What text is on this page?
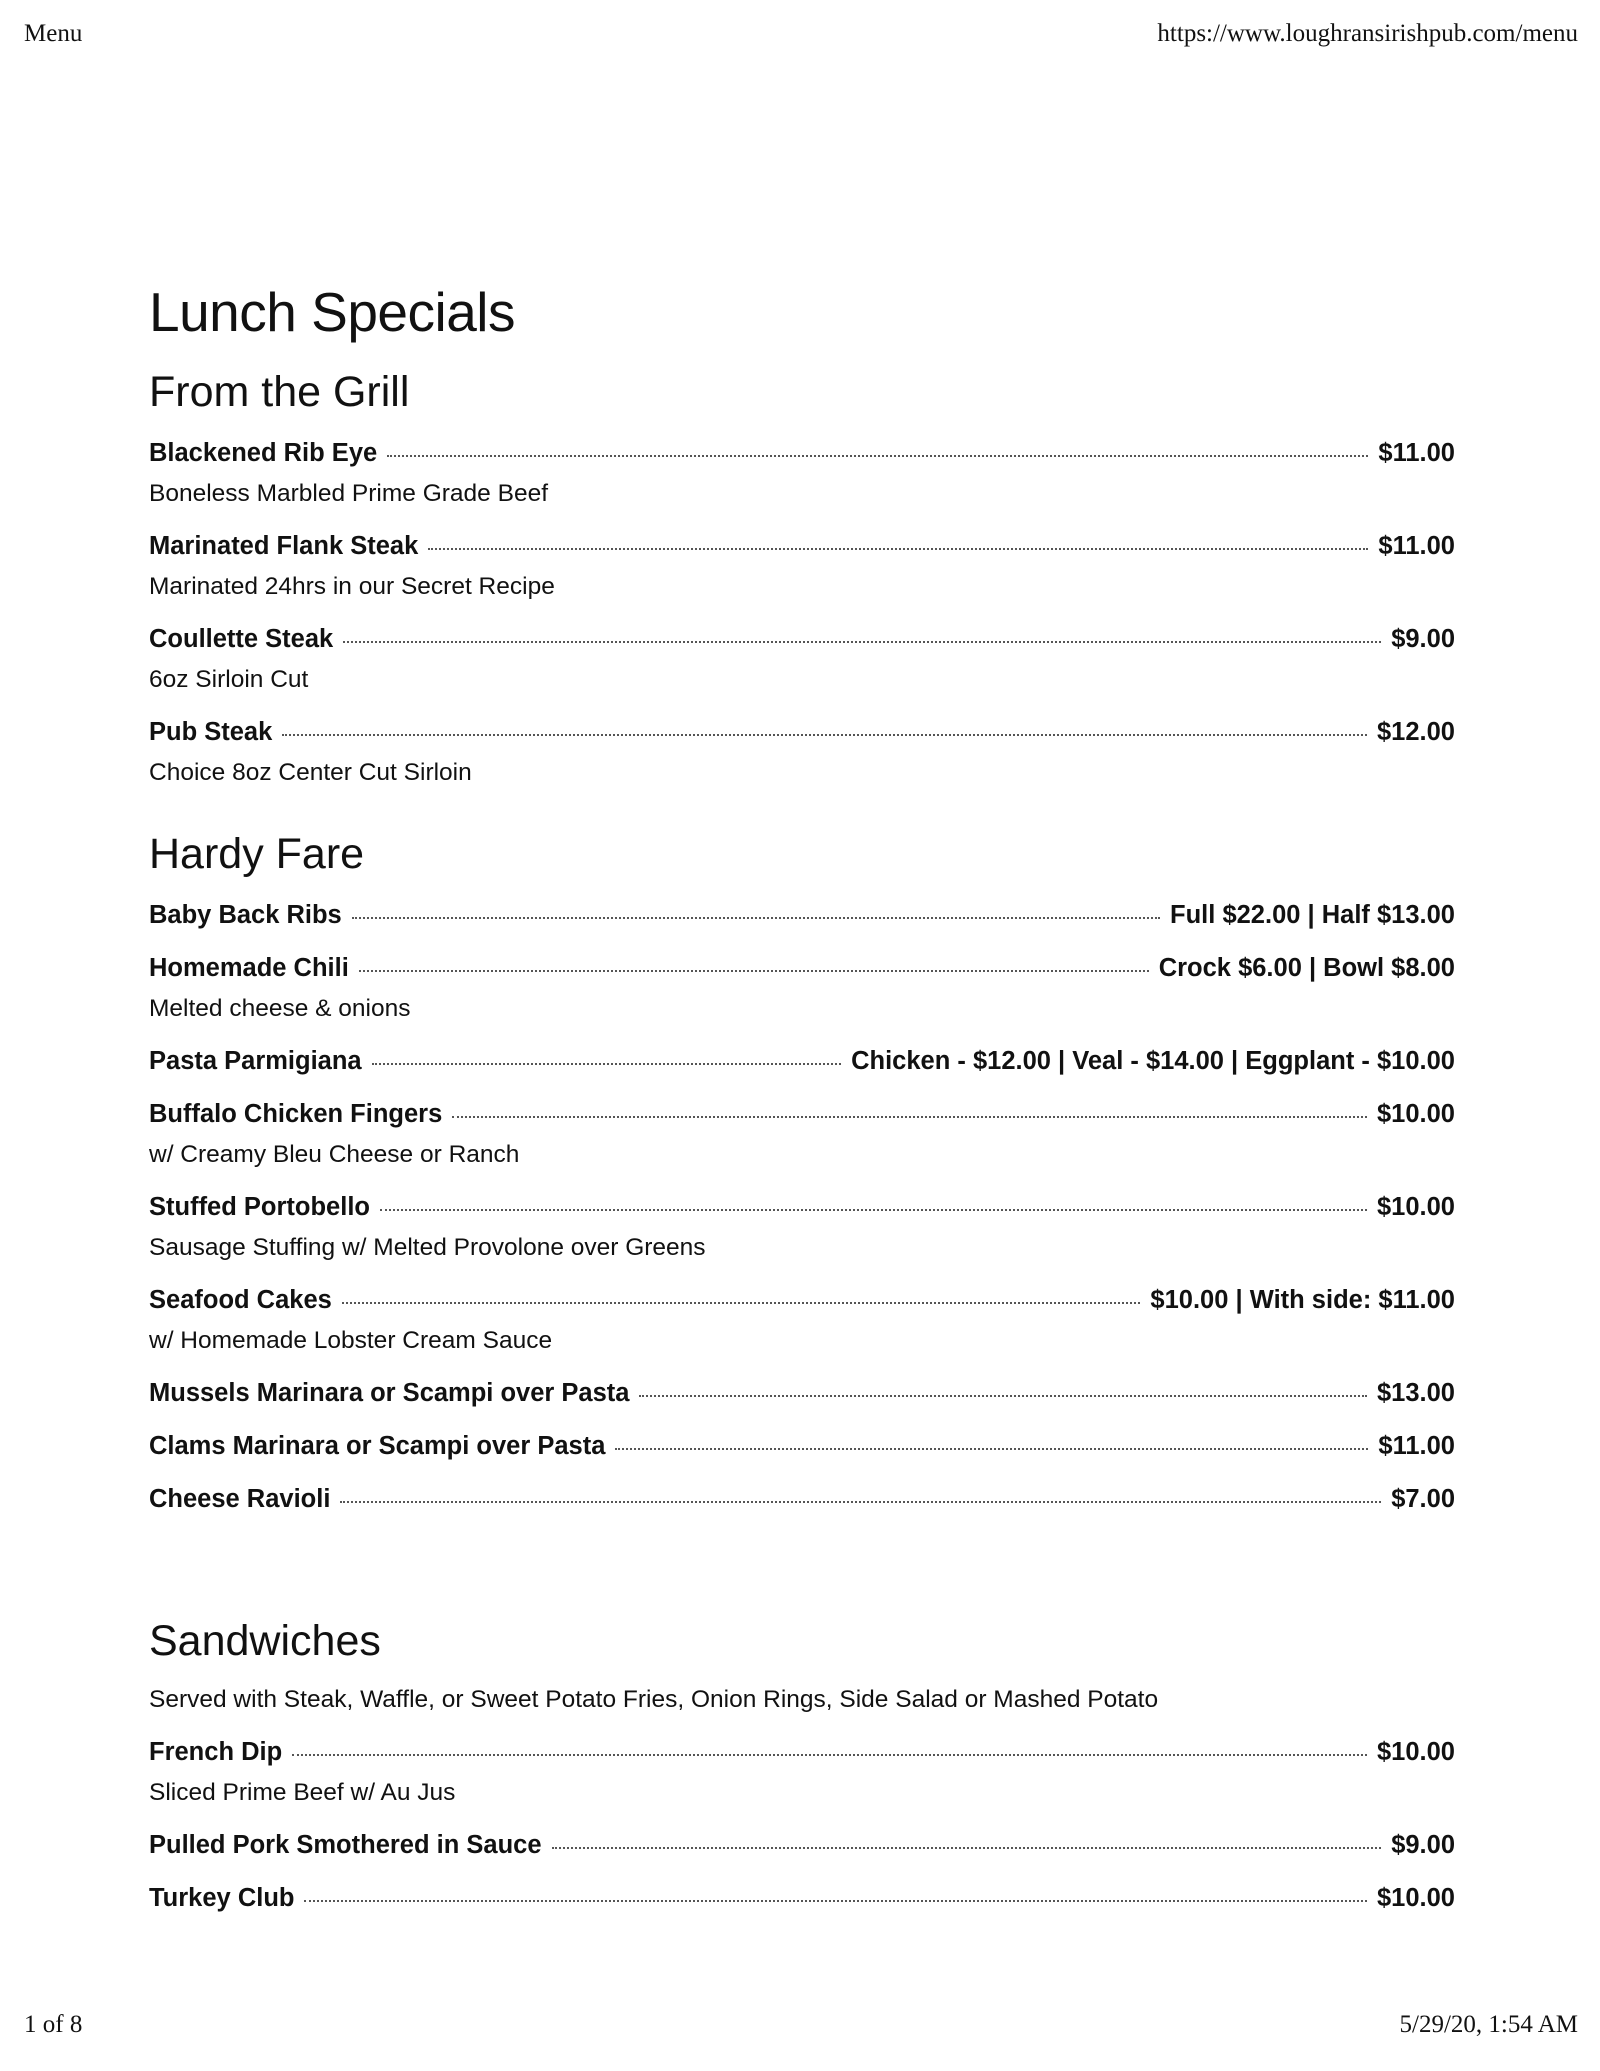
Menu	https://www.loughransirishpub.com/menu
Lunch Specials
From the Grill
Blackened Rib Eye	$11.00
Boneless Marbled Prime Grade Beef
Marinated Flank Steak	$11.00
Marinated 24hrs in our Secret Recipe
Coullette Steak	$9.00
6oz Sirloin Cut
Pub Steak	$12.00
Choice 8oz Center Cut Sirloin
Hardy Fare
Baby Back Ribs	Full $22.00 | Half $13.00
Homemade Chili	Crock $6.00 | Bowl $8.00
Melted cheese & onions
Pasta Parmigiana	Chicken - $12.00 | Veal - $14.00 | Eggplant - $10.00
Buffalo Chicken Fingers	$10.00
w/ Creamy Bleu Cheese or Ranch
Stuffed Portobello	$10.00
Sausage Stuffing w/ Melted Provolone over Greens
Seafood Cakes	$10.00 | With side: $11.00
w/ Homemade Lobster Cream Sauce
Mussels Marinara or Scampi over Pasta	$13.00
Clams Marinara or Scampi over Pasta	$11.00
Cheese Ravioli	$7.00
Sandwiches
Served with Steak, Waffle, or Sweet Potato Fries, Onion Rings, Side Salad or Mashed Potato
French Dip	$10.00
Sliced Prime Beef w/ Au Jus
Pulled Pork Smothered in Sauce	$9.00
Turkey Club	$10.00
1 of 8	5/29/20, 1:54 AM
